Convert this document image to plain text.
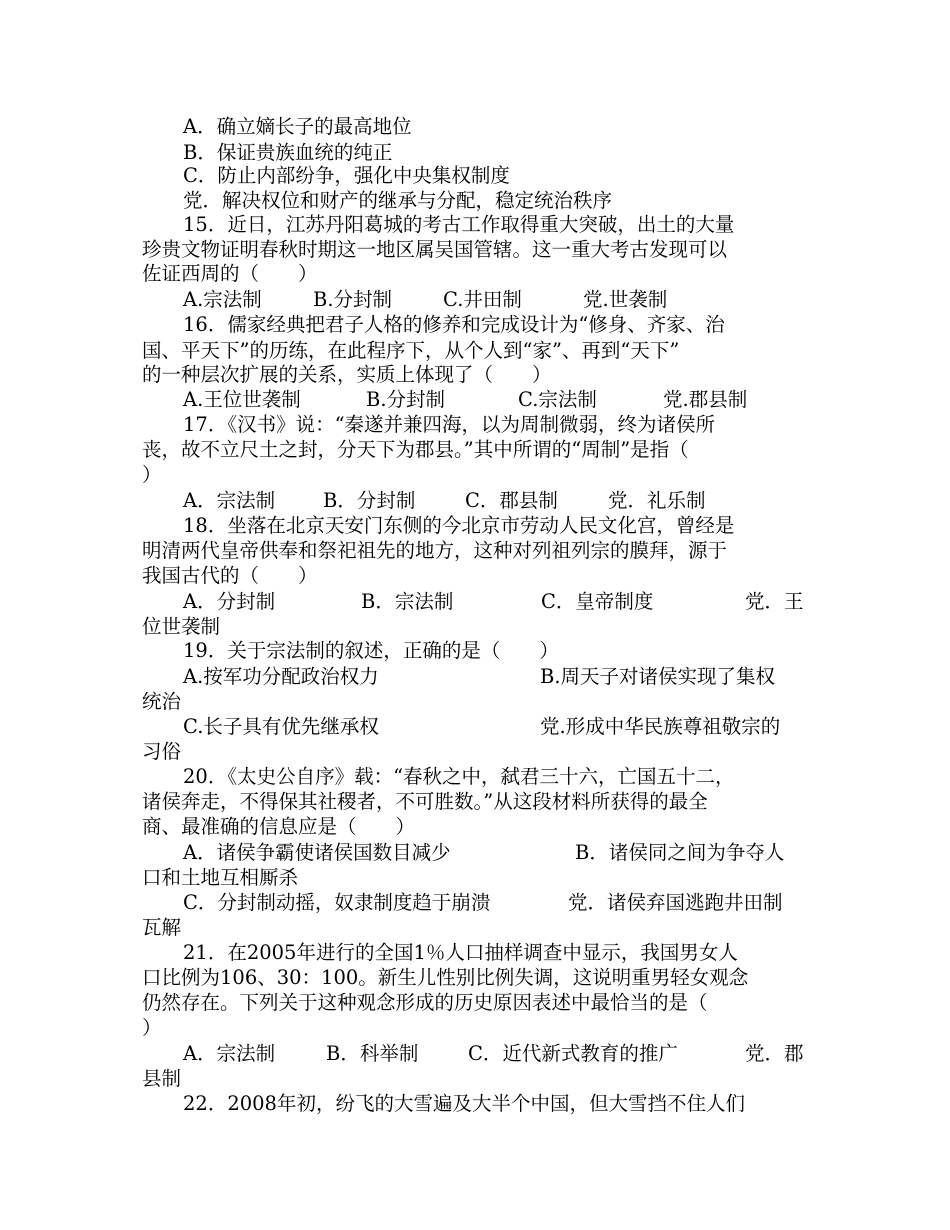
A．确立嫡长子的最高地位
B．保证贵族血统的纯正
C．防止内部纷争，强化中央集权制度
党．解决权位和财产的继承与分配，稳定统治秩序
15．近日，江苏丹阳葛城的考古工作取得重大突破，出土的大量
珍贵文物证明春秋时期这一地区属吴国管辖。这一重大考古发现可以
佐证西周的（　　）
A.宗法制	B.分封制	C.井田制	党.世袭制
16．儒家经典把君子人格的修养和完成设计为“修身、齐家、治
国、平天下”的历练，在此程序下，从个人到“家”、再到“天下”
的一种层次扩展的关系，实质上体现了（　　）
A.王位世袭制	B.分封制	C.宗法制	党.郡县制
17．《汉书》说：“秦遂并兼四海，以为周制微弱，终为诸侯所
丧，故不立尺土之封，分天下为郡县。”其中所谓的“周制”是指（
）
A．宗法制 B．分封制	C．郡县制	党．礼乐制
18．坐落在北京天安门东侧的今北京市劳动人民文化宫，曾经是
明清两代皇帝供奉和祭祀祖先的地方，这种对列祖列宗的膜拜，源于
我国古代的（　　）
A．分封制	B．宗法制	C．皇帝制度	党．王
位世袭制
19．关于宗法制的叙述，正确的是（　　）
A.按军功分配政治权力	B.周天子对诸侯实现了集权
统治
C.长子具有优先继承权	党.形成中华民族尊祖敬宗的
习俗
20．《太史公自序》载：“春秋之中，弑君三十六，亡国五十二，
诸侯奔走，不得保其社稷者，不可胜数。”从这段材料所获得的最全
商、最准确的信息应是（　　）
A．诸侯争霸使诸侯国数目减少	B．诸侯同之间为争夺人
口和土地互相厮杀
C．分封制动摇，奴隶制度趋于崩溃	党．诸侯弃国逃跑井田制
瓦解
21．在2005年进行的全国1％人口抽样调查中显示，我国男女人
口比例为106、30：100。新生儿性别比例失调，这说明重男轻女观念
仍然存在。下列关于这种观念形成的历史原因表述中最恰当的是（
）
A．宗法制	B．科举制	C．近代新式教育的推广	党．郡
县制
22．2008年初，纷飞的大雪遍及大半个中国，但大雪挡不住人们
